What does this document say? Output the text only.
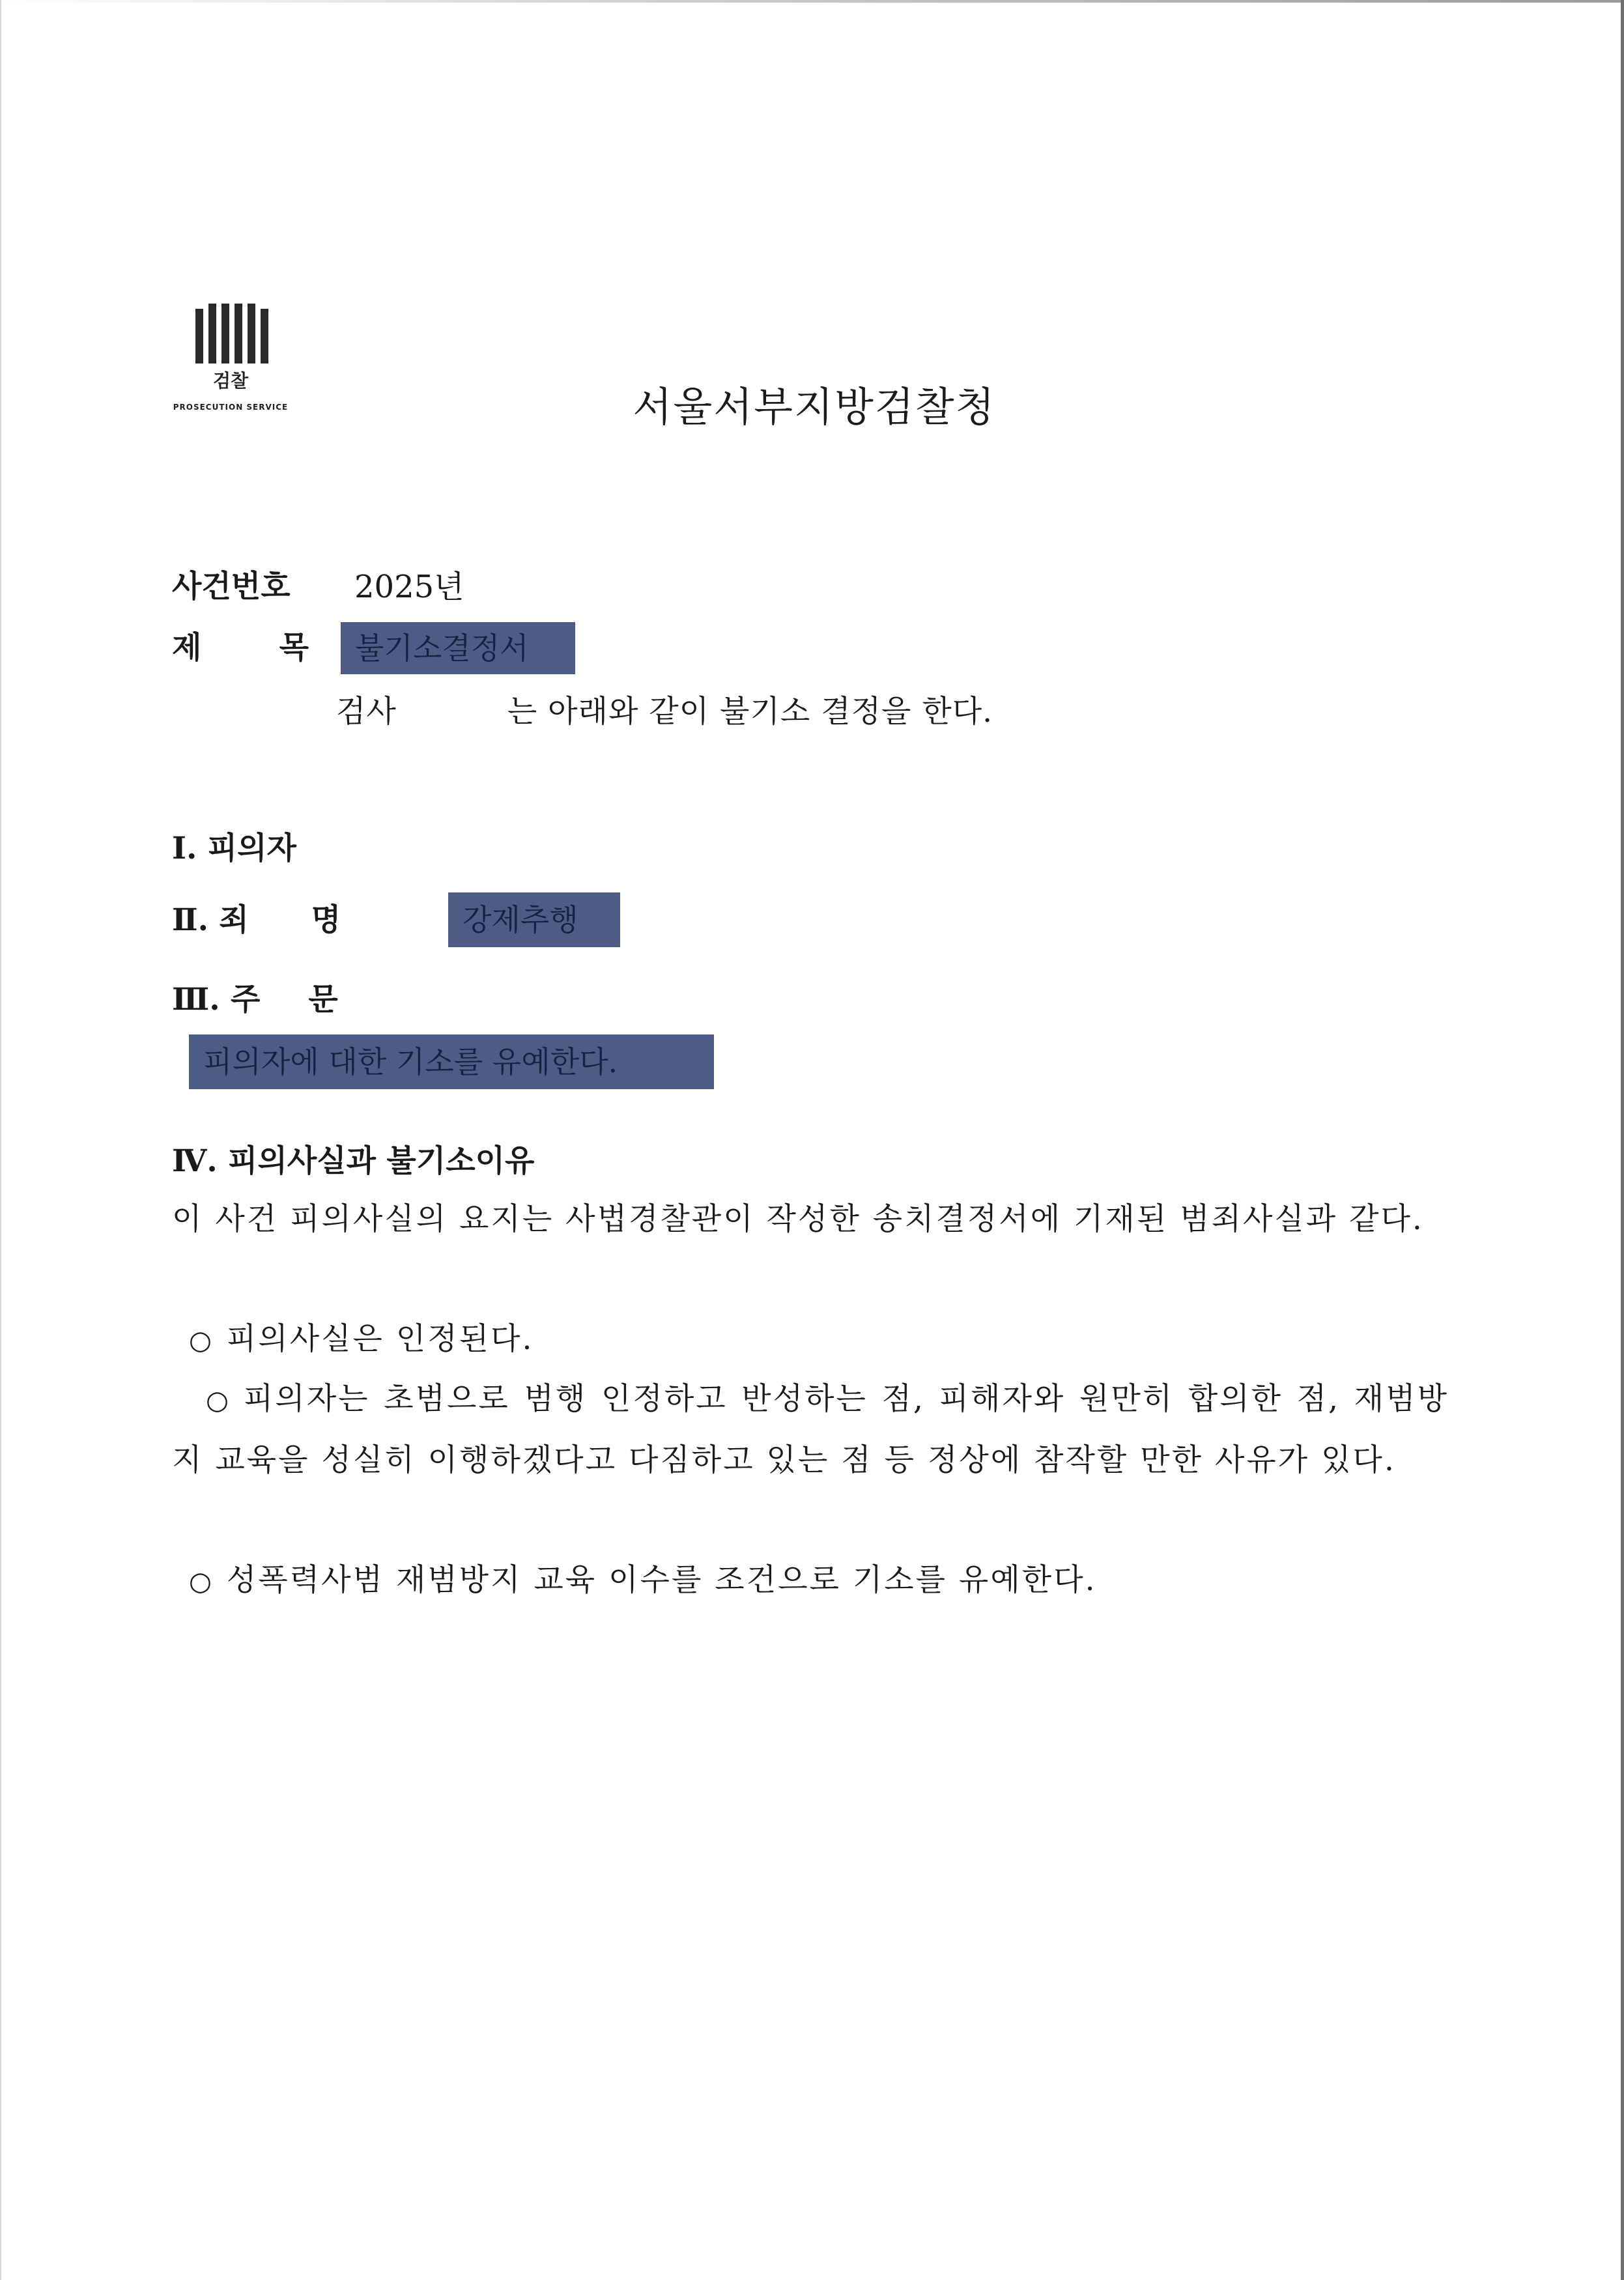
검찰
PROSECUTION SERVICE	서울서부지방검찰청
사건번호 2025년
제	목	불기소결정서
검사	는 아래와 같이 불기소 결정을 한다.
Ⅰ. 피의자
Ⅱ. 죄 명	강제추행
Ⅲ. 주 문
피의자에 대한 기소를 유예한다.
Ⅳ. 피의사실과 불기소이유
이 사건 피의사실의 요지는 사법경찰관이 작성한 송치결정서에 기재된 범죄사실과 같다.
○ 피의사실은 인정된다.
○ 피의자는 초범으로 범행 인정하고 반성하는 점, 피해자와 원만히 합의한 점, 재범방지 교육을 성실히 이행하겠다고 다짐하고 있는 점 등 정상에 참작할 만한 사유가 있다.
○ 성폭력사범 재범방지 교육 이수를 조건으로 기소를 유예한다.
